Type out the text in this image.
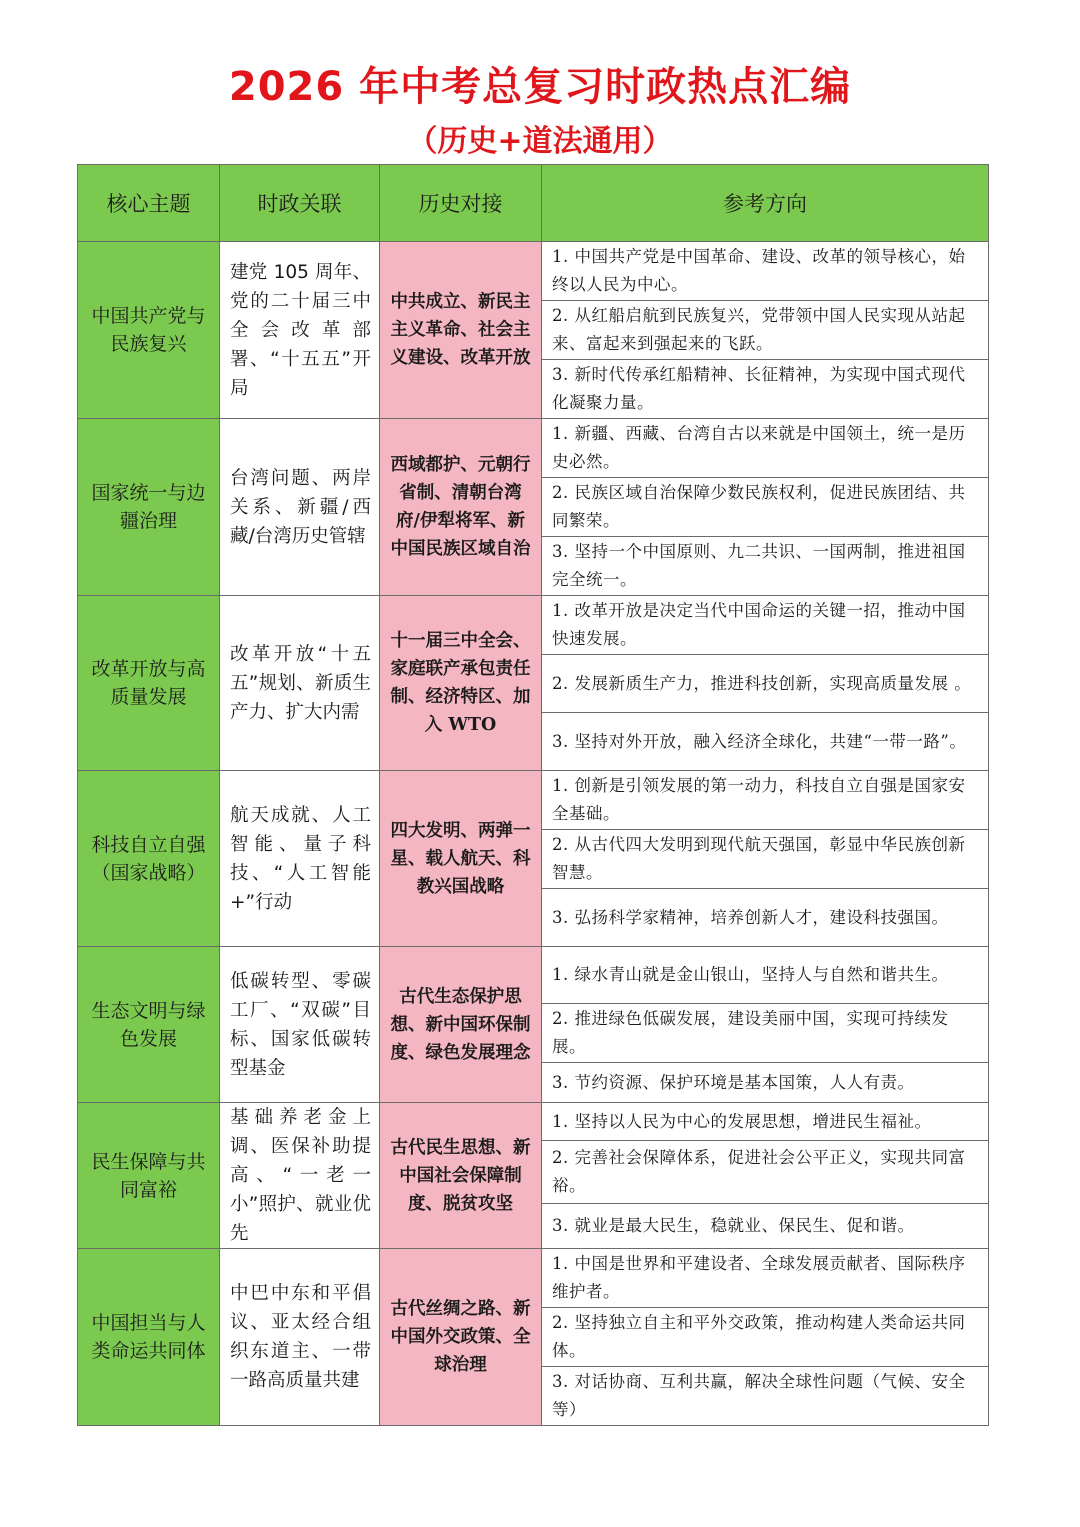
2026 年中考总复习时政热点汇编
（历史+道法通用）
核心主题	时政关联	历史对接	参考方向
中国共产党与民族复兴	建党 105 周年、党的二十届三中全会改革部署、“十五五”开局	中共成立、新民主主义革命、社会主义建设、改革开放	1. 中国共产党是中国革命、建设、改革的领导核心，始终以人民为中心。
			2. 从红船启航到民族复兴，党带领中国人民实现从站起来、富起来到强起来的飞跃。
			3. 新时代传承红船精神、长征精神，为实现中国式现代化凝聚力量。
国家统一与边疆治理	台湾问题、两岸关系、新疆/西藏/台湾历史管辖	西域都护、元朝行省制、清朝台湾府/伊犁将军、新中国民族区域自治	1. 新疆、西藏、台湾自古以来就是中国领土，统一是历史必然。
			2. 民族区域自治保障少数民族权利，促进民族团结、共同繁荣。
			3. 坚持一个中国原则、九二共识、一国两制，推进祖国完全统一。
改革开放与高质量发展	改革开放“十五五”规划、新质生产力、扩大内需	十一届三中全会、家庭联产承包责任制、经济特区、加入 WTO	1. 改革开放是决定当代中国命运的关键一招，推动中国快速发展。
			2. 发展新质生产力，推进科技创新，实现高质量发展 。
			3. 坚持对外开放，融入经济全球化，共建“一带一路”。
科技自立自强（国家战略）	航天成就、人工智能、量子科技、“人工智能+”行动	四大发明、两弹一星、载人航天、科教兴国战略	1. 创新是引领发展的第一动力，科技自立自强是国家安全基础。
			2. 从古代四大发明到现代航天强国，彰显中华民族创新智慧。
			3. 弘扬科学家精神，培养创新人才，建设科技强国。
生态文明与绿色发展	低碳转型、零碳工厂、“双碳”目标、国家低碳转型基金	古代生态保护思想、新中国环保制度、绿色发展理念	1. 绿水青山就是金山银山，坚持人与自然和谐共生。
			2. 推进绿色低碳发展，建设美丽中国，实现可持续发展。
			3. 节约资源、保护环境是基本国策，人人有责。
民生保障与共同富裕	基础养老金上调、医保补助提高、“一老一小”照护、就业优先	古代民生思想、新中国社会保障制度、脱贫攻坚	1. 坚持以人民为中心的发展思想，增进民生福祉。
			2. 完善社会保障体系，促进社会公平正义，实现共同富裕。
			3. 就业是最大民生，稳就业、保民生、促和谐。
中国担当与人类命运共同体	中巴中东和平倡议、亚太经合组织东道主、一带一路高质量共建	古代丝绸之路、新中国外交政策、全球治理	1. 中国是世界和平建设者、全球发展贡献者、国际秩序维护者。
			2. 坚持独立自主和平外交政策，推动构建人类命运共同体。
			3. 对话协商、互利共赢，解决全球性问题（气候、安全等）
